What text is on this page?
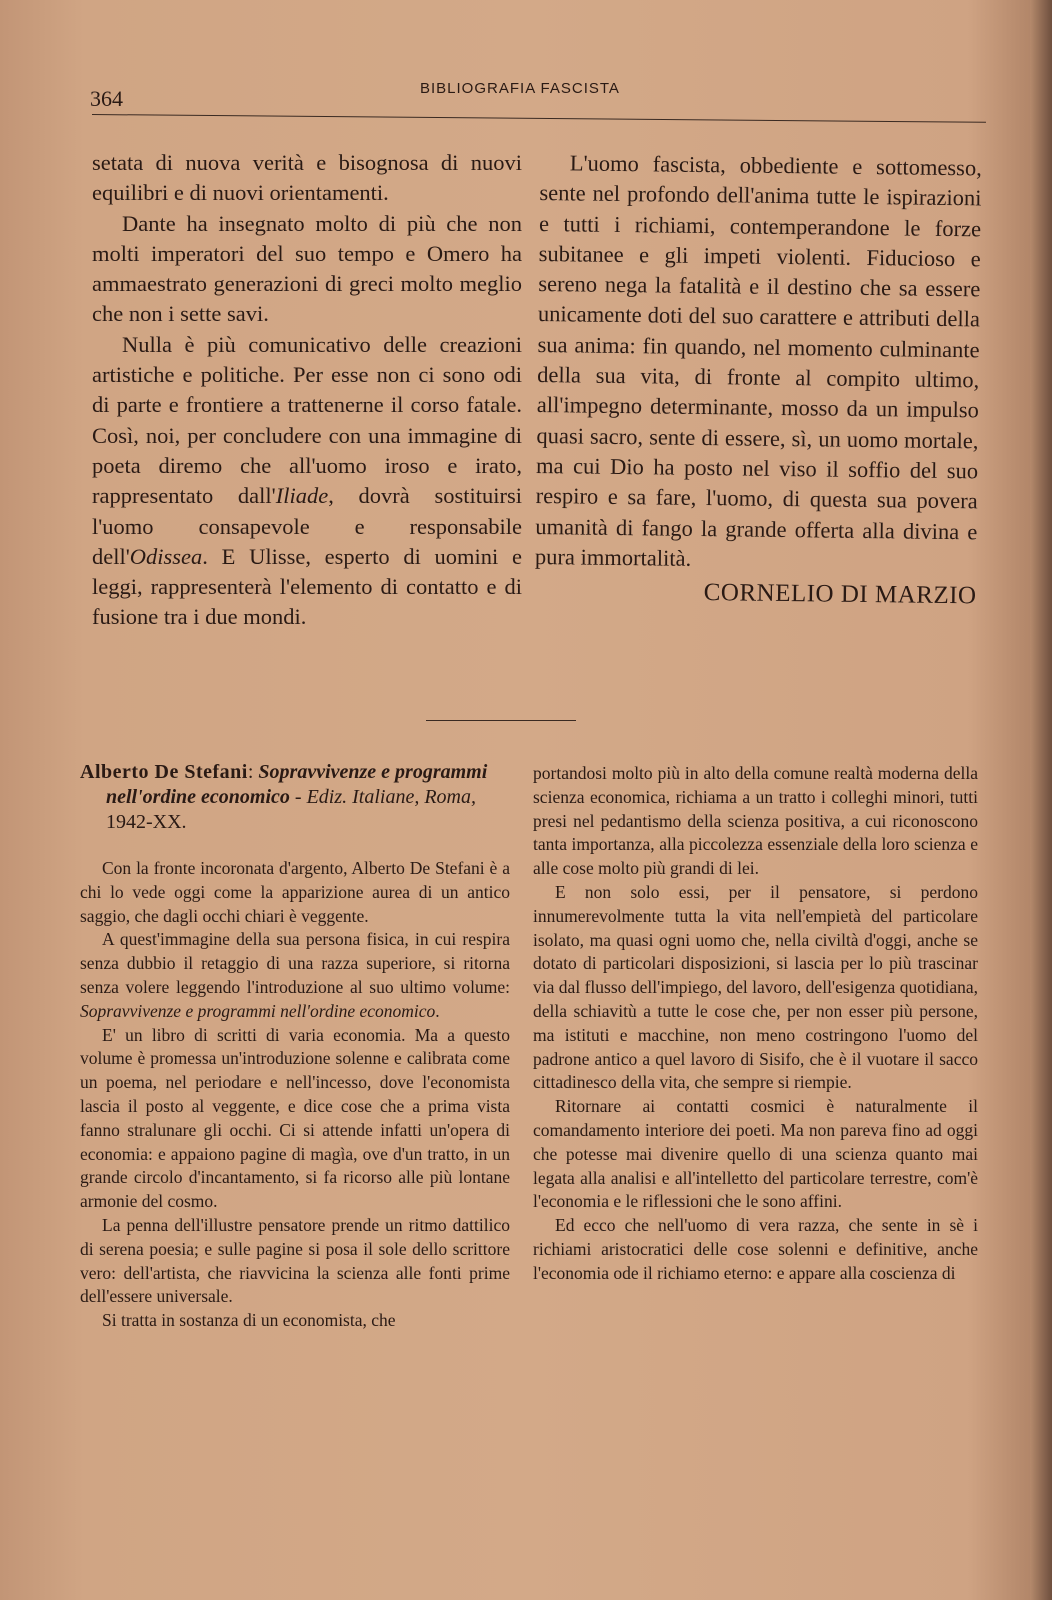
364	BIBLIOGRAFIA FASCISTA

setata di nuova verità e bisognosa di nuovi equilibri e di nuovi orientamenti.

Dante ha insegnato molto di più che non molti imperatori del suo tempo e Omero ha ammaestrato generazioni di greci molto meglio che non i sette savi.

Nulla è più comunicativo delle creazioni artistiche e politiche. Per esse non ci sono odi di parte e frontiere a trattenerne il corso fatale. Così, noi, per concludere con una immagine di poeta diremo che all'uomo iroso e irato, rappresentato dall'Iliade, dovrà sostituirsi l'uomo consapevole e responsabile dell'Odissea. E Ulisse, esperto di uomini e leggi, rappresenterà l'elemento di contatto e di fusione tra i due mondi.

L'uomo fascista, obbediente e sottomesso, sente nel profondo dell'anima tutte le ispirazioni e tutti i richiami, contemperandone le forze subitanee e gli impeti violenti. Fiducioso e sereno nega la fatalità e il destino che sa essere unicamente doti del suo carattere e attributi della sua anima: fin quando, nel momento culminante della sua vita, di fronte al compito ultimo, all'impegno determinante, mosso da un impulso quasi sacro, sente di essere, sì, un uomo mortale, ma cui Dio ha posto nel viso il soffio del suo respiro e sa fare, l'uomo, di questa sua povera umanità di fango la grande offerta alla divina e pura immortalità.

CORNELIO DI MARZIO

Alberto De Stefani: Sopravvivenze e programmi nell'ordine economico - Ediz. Italiane, Roma, 1942-XX.

Con la fronte incoronata d'argento, Alberto De Stefani è a chi lo vede oggi come la apparizione aurea di un antico saggio, che dagli occhi chiari è veggente.

A quest'immagine della sua persona fisica, in cui respira senza dubbio il retaggio di una razza superiore, si ritorna senza volere leggendo l'introduzione al suo ultimo volume: Sopravvivenze e programmi nell'ordine economico.

E' un libro di scritti di varia economia. Ma a questo volume è promessa un'introduzione solenne e calibrata come un poema, nel periodare e nell'incesso, dove l'economista lascia il posto al veggente, e dice cose che a prima vista fanno stralunare gli occhi. Ci si attende infatti un'opera di economia: e appaiono pagine di magìa, ove d'un tratto, in un grande circolo d'incantamento, si fa ricorso alle più lontane armonie del cosmo.

La penna dell'illustre pensatore prende un ritmo dattilico di serena poesia; e sulle pagine si posa il sole dello scrittore vero: dell'artista, che riavvicina la scienza alle fonti prime dell'essere universale.

Si tratta in sostanza di un economista, che

portandosi molto più in alto della comune realtà moderna della scienza economica, richiama a un tratto i colleghi minori, tutti presi nel pedantismo della scienza positiva, a cui riconoscono tanta importanza, alla piccolezza essenziale della loro scienza e alle cose molto più grandi di lei.

E non solo essi, per il pensatore, si perdono innumerevolmente tutta la vita nell'empietà del particolare isolato, ma quasi ogni uomo che, nella civiltà d'oggi, anche se dotato di particolari disposizioni, si lascia per lo più trascinar via dal flusso dell'impiego, del lavoro, dell'esigenza quotidiana, della schiavitù a tutte le cose che, per non esser più persone, ma istituti e macchine, non meno costringono l'uomo del padrone antico a quel lavoro di Sisifo, che è il vuotare il sacco cittadinesco della vita, che sempre si riempie.

Ritornare ai contatti cosmici è naturalmente il comandamento interiore dei poeti. Ma non pareva fino ad oggi che potesse mai divenire quello di una scienza quanto mai legata alla analisi e all'intelletto del particolare terrestre, com'è l'economia e le riflessioni che le sono affini.

Ed ecco che nell'uomo di vera razza, che sente in sè i richiami aristocratici delle cose solenni e definitive, anche l'economia ode il richiamo eterno: e appare alla coscienza di
